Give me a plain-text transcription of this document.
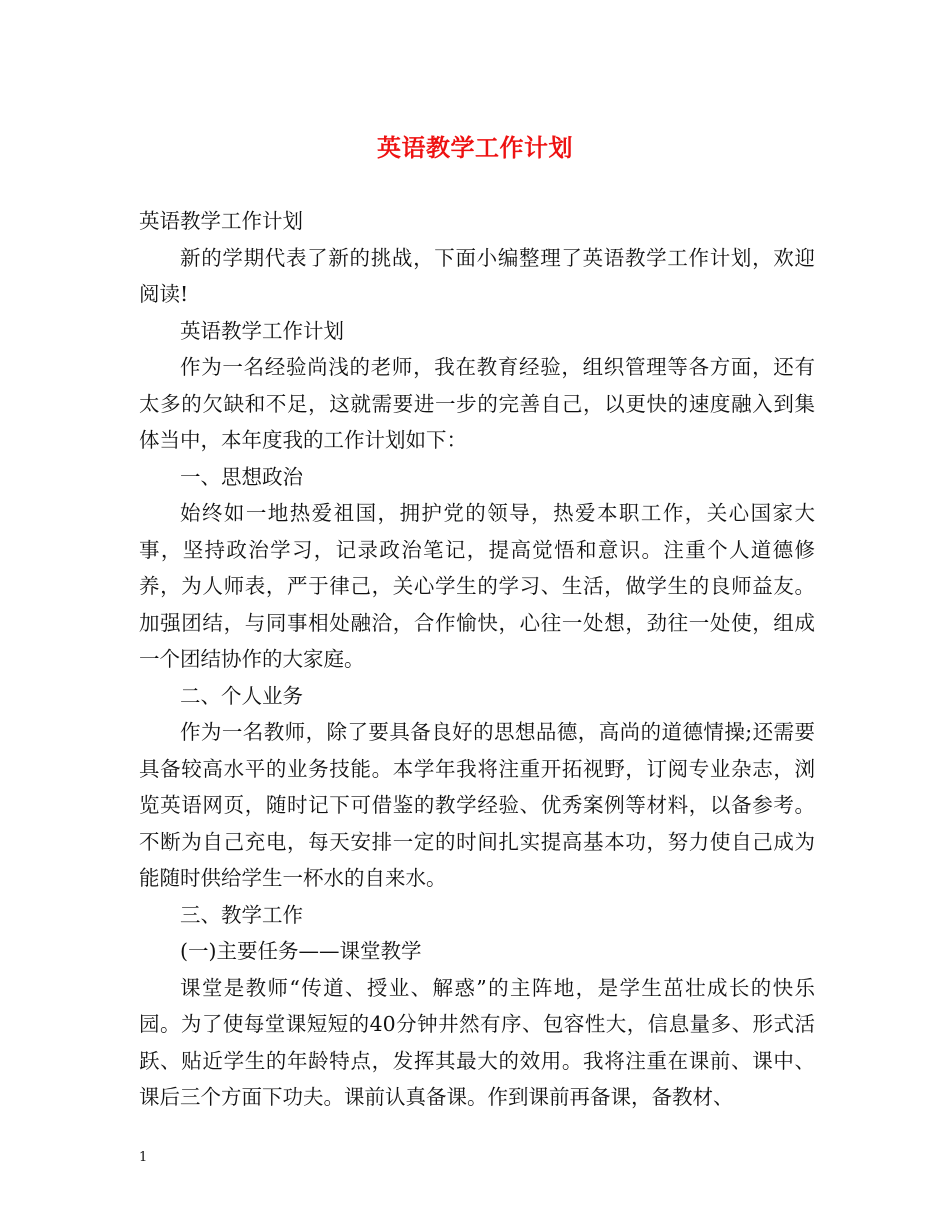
英语教学工作计划

英语教学工作计划

新的学期代表了新的挑战，下面小编整理了英语教学工作计划，欢迎阅读!

英语教学工作计划

作为一名经验尚浅的老师，我在教育经验，组织管理等各方面，还有太多的欠缺和不足，这就需要进一步的完善自己，以更快的速度融入到集体当中，本年度我的工作计划如下：

一、思想政治

始终如一地热爱祖国，拥护党的领导，热爱本职工作，关心国家大事，坚持政治学习，记录政治笔记，提高觉悟和意识。注重个人道德修养，为人师表，严于律己，关心学生的学习、生活，做学生的良师益友。加强团结，与同事相处融洽，合作愉快，心往一处想，劲往一处使，组成一个团结协作的大家庭。

二、个人业务

作为一名教师，除了要具备良好的思想品德，高尚的道德情操;还需要具备较高水平的业务技能。本学年我将注重开拓视野，订阅专业杂志，浏览英语网页，随时记下可借鉴的教学经验、优秀案例等材料，以备参考。不断为自己充电，每天安排一定的时间扎实提高基本功，努力使自己成为能随时供给学生一杯水的自来水。

三、教学工作

(一)主要任务——课堂教学

课堂是教师“传道、授业、解惑”的主阵地，是学生茁壮成长的快乐园。为了使每堂课短短的40分钟井然有序、包容性大，信息量多、形式活跃、贴近学生的年龄特点，发挥其最大的效用。我将注重在课前、课中、课后三个方面下功夫。课前认真备课。作到课前再备课，备教材、

1
